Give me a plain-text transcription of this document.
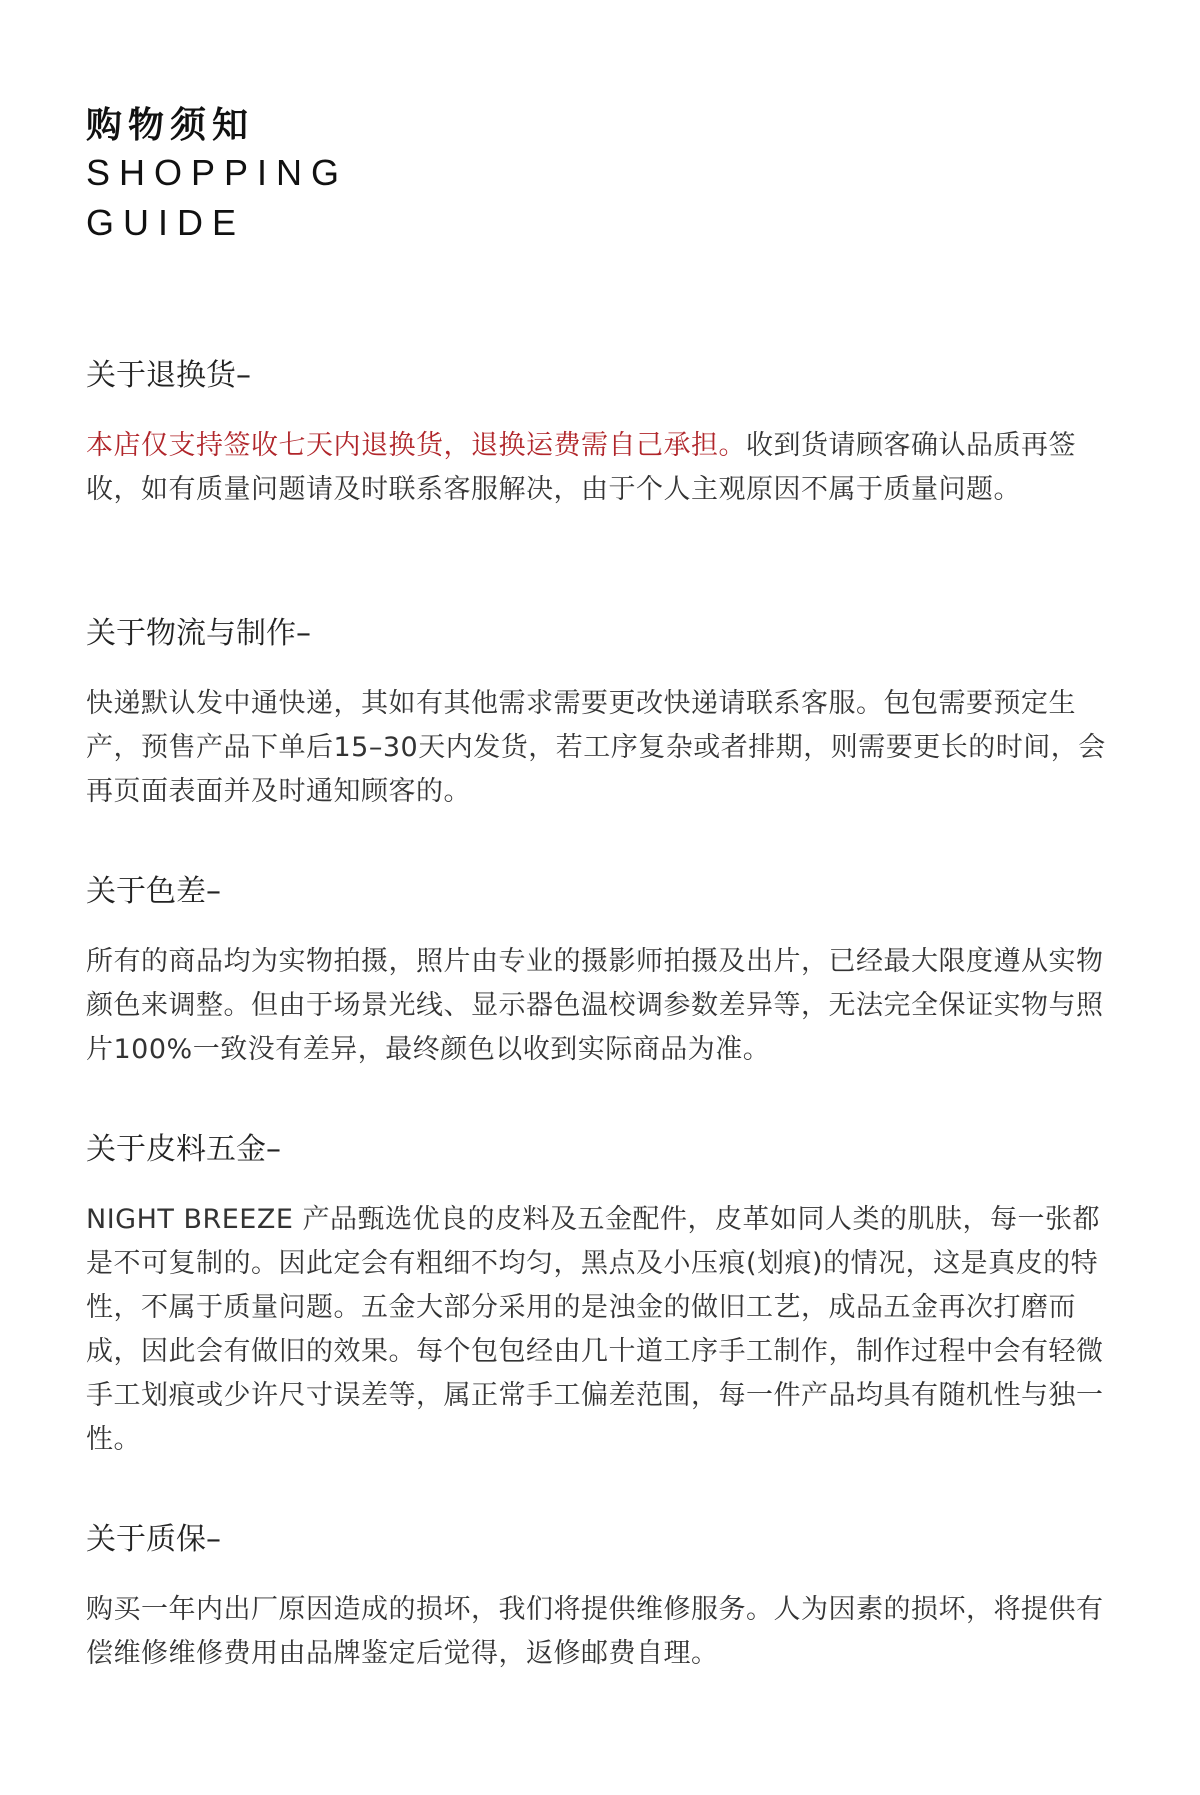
购物须知
SHOPPING
GUIDE

关于退换货–

本店仅支持签收七天内退换货，退换运费需自己承担。收到货请顾客确认品质再签收，如有质量问题请及时联系客服解决，由于个人主观原因不属于质量问题。

关于物流与制作–

快递默认发中通快递，其如有其他需求需要更改快递请联系客服。包包需要预定生产，预售产品下单后15–30天内发货，若工序复杂或者排期，则需要更长的时间，会再页面表面并及时通知顾客的。

关于色差–

所有的商品均为实物拍摄，照片由专业的摄影师拍摄及出片，已经最大限度遵从实物颜色来调整。但由于场景光线、显示器色温校调参数差异等，无法完全保证实物与照片100%一致没有差异，最终颜色以收到实际商品为准。

关于皮料五金–

NIGHT BREEZE 产品甄选优良的皮料及五金配件，皮革如同人类的肌肤，每一张都是不可复制的。因此定会有粗细不均匀，黑点及小压痕(划痕)的情况，这是真皮的特性，不属于质量问题。五金大部分采用的是浊金的做旧工艺，成品五金再次打磨而成，因此会有做旧的效果。每个包包经由几十道工序手工制作，制作过程中会有轻微手工划痕或少许尺寸误差等，属正常手工偏差范围，每一件产品均具有随机性与独一性。

关于质保–

购买一年内出厂原因造成的损坏，我们将提供维修服务。人为因素的损坏，将提供有偿维修维修费用由品牌鉴定后觉得，返修邮费自理。
